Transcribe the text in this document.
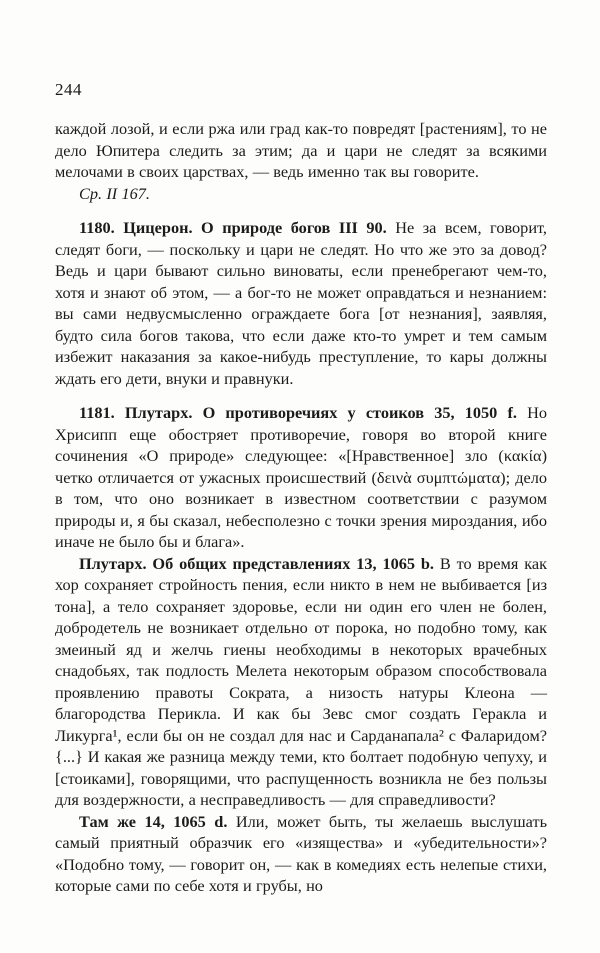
244

каждой лозой, и если ржа или град как-то повредят [растениям], то не дело Юпитера следить за этим; да и цари не следят за всякими мелочами в своих царствах, — ведь именно так вы говорите.

Ср. II 167.

1180. Цицерон. О природе богов III 90. Не за всем, говорит, следят боги, — поскольку и цари не следят. Но что же это за довод? Ведь и цари бывают сильно виноваты, если пренебрегают чем-то, хотя и знают об этом, — а бог-то не может оправдаться и незнанием: вы сами недвусмысленно ограждаете бога [от незнания], заявляя, будто сила богов такова, что если даже кто-то умрет и тем самым избежит наказания за какое-нибудь преступление, то кары должны ждать его дети, внуки и правнуки.

1181. Плутарх. О противоречиях у стоиков 35, 1050 f. Но Хрисипп еще обостряет противоречие, говоря во второй книге сочинения «О природе» следующее: «[Нравственное] зло (κακία) четко отличается от ужасных происшествий (δεινὰ συμπτώματα); дело в том, что оно возникает в известном соответствии с разумом природы и, я бы сказал, небесполезно с точки зрения мироздания, ибо иначе не было бы и блага».

Плутарх. Об общих представлениях 13, 1065 b. В то время как хор сохраняет стройность пения, если никто в нем не выбивается [из тона], а тело сохраняет здоровье, если ни один его член не болен, добродетель не возникает отдельно от порока, но подобно тому, как змеиный яд и желчь гиены необходимы в некоторых врачебных снадобьях, так подлость Мелета некоторым образом способствовала проявлению правоты Сократа, а низость натуры Клеона — благородства Перикла. И как бы Зевс смог создать Геракла и Ликурга¹, если бы он не создал для нас и Сарданапала² с Фаларидом? {...} И какая же разница между теми, кто болтает подобную чепуху, и [стоиками], говорящими, что распущенность возникла не без пользы для воздержности, а несправедливость — для справедливости?

Там же 14, 1065 d. Или, может быть, ты желаешь выслушать самый приятный образчик его «изящества» и «убедительности»? «Подобно тому, — говорит он, — как в комедиях есть нелепые стихи, которые сами по себе хотя и грубы, но
